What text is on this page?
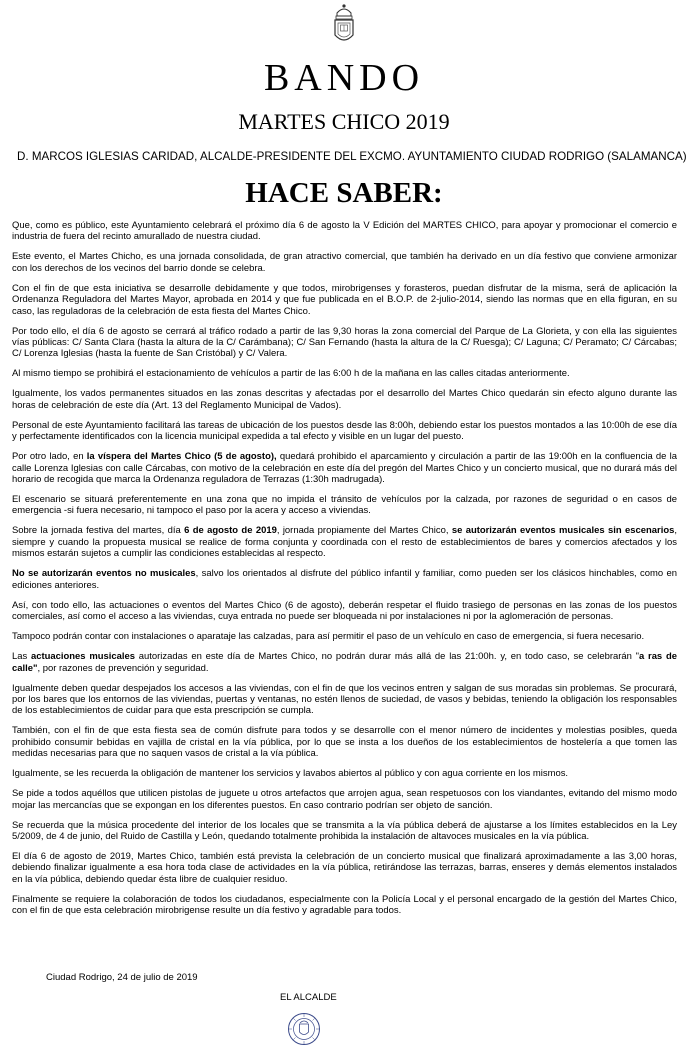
BANDO
MARTES CHICO 2019
D. MARCOS IGLESIAS CARIDAD, ALCALDE-PRESIDENTE DEL EXCMO. AYUNTAMIENTO CIUDAD RODRIGO (SALAMANCA)
HACE SABER:

Que, como es público, este Ayuntamiento celebrará el próximo día 6 de agosto la V Edición del MARTES CHICO, para apoyar y promocionar el comercio e industria de fuera del recinto amurallado de nuestra ciudad.

Este evento, el Martes Chicho, es una jornada consolidada, de gran atractivo comercial, que también ha derivado en un día festivo que conviene armonizar con los derechos de los vecinos del barrio donde se celebra.

Con el fin de que esta iniciativa se desarrolle debidamente y que todos, mirobrigenses y forasteros, puedan disfrutar de la misma, será de aplicación la Ordenanza Reguladora del Martes Mayor, aprobada en 2014 y que fue publicada en el B.O.P. de 2-julio-2014, siendo las normas que en ella figuran, en su caso, las reguladoras de la celebración de esta fiesta del Martes Chico.

Por todo ello, el día 6 de agosto se cerrará al tráfico rodado a partir de las 9,30 horas la zona comercial del Parque de La Glorieta, y con ella las siguientes vías públicas: C/ Santa Clara (hasta la altura de la C/ Carámbana); C/ San Fernando (hasta la altura de la C/ Ruesga); C/ Laguna; C/ Peramato; C/ Cárcabas; C/ Lorenza Iglesias (hasta la fuente de San Cristóbal) y C/ Valera.

Al mismo tiempo se prohibirá el estacionamiento de vehículos a partir de las 6:00 h de la mañana en las calles citadas anteriormente.

Igualmente, los vados permanentes situados en las zonas descritas y afectadas por el desarrollo del Martes Chico quedarán sin efecto alguno durante las horas de celebración de este día (Art. 13 del Reglamento Municipal de Vados).

Personal de este Ayuntamiento facilitará las tareas de ubicación de los puestos desde las 8:00h, debiendo estar los puestos montados a las 10:00h de ese día y perfectamente identificados con la licencia municipal expedida a tal efecto y visible en un lugar del puesto.

Por otro lado, en la víspera del Martes Chico (5 de agosto), quedará prohibido el aparcamiento y circulación a partir de las 19:00h en la confluencia de la calle Lorenza Iglesias con calle Cárcabas, con motivo de la celebración en este día del pregón del Martes Chico y un concierto musical, que no durará más del horario de recogida que marca la Ordenanza reguladora de Terrazas (1:30h madrugada).

El escenario se situará preferentemente en una zona que no impida el tránsito de vehículos por la calzada, por razones de seguridad o en casos de emergencia -si fuera necesario, ni tampoco el paso por la acera y acceso a viviendas.

Sobre la jornada festiva del martes, día 6 de agosto de 2019, jornada propiamente del Martes Chico, se autorizarán eventos musicales sin escenarios, siempre y cuando la propuesta musical se realice de forma conjunta y coordinada con el resto de establecimientos de bares y comercios afectados y los mismos estarán sujetos a cumplir las condiciones establecidas al respecto.

No se autorizarán eventos no musicales, salvo los orientados al disfrute del público infantil y familiar, como pueden ser los clásicos hinchables, como en ediciones anteriores.

Así, con todo ello, las actuaciones o eventos del Martes Chico (6 de agosto), deberán respetar el fluido trasiego de personas en las zonas de los puestos comerciales, así como el acceso a las viviendas, cuya entrada no puede ser bloqueada ni por instalaciones ni por la aglomeración de personas.

Tampoco podrán contar con instalaciones o aparataje las calzadas, para así permitir el paso de un vehículo en caso de emergencia, si fuera necesario.

Las actuaciones musicales autorizadas en este día de Martes Chico, no podrán durar más allá de las 21:00h. y, en todo caso, se celebrarán "a ras de calle", por razones de prevención y seguridad.

Igualmente deben quedar despejados los accesos a las viviendas, con el fin de que los vecinos entren y salgan de sus moradas sin problemas. Se procurará, por los bares que los entornos de las viviendas, puertas y ventanas, no estén llenos de suciedad, de vasos y bebidas, teniendo la obligación los responsables de los establecimientos de cuidar para que esta prescripción se cumpla.

También, con el fin de que esta fiesta sea de común disfrute para todos y se desarrolle con el menor número de incidentes y molestias posibles, queda prohibido consumir bebidas en vajilla de cristal en la vía pública, por lo que se insta a los dueños de los establecimientos de hostelería a que tomen las medidas necesarias para que no saquen vasos de cristal a la vía pública.

Igualmente, se les recuerda la obligación de mantener los servicios y lavabos abiertos al público y con agua corriente en los mismos.

Se pide a todos aquéllos que utilicen pistolas de juguete u otros artefactos que arrojen agua, sean respetuosos con los viandantes, evitando del mismo modo mojar las mercancías que se expongan en los diferentes puestos. En caso contrario podrían ser objeto de sanción.

Se recuerda que la música procedente del interior de los locales que se transmita a la vía pública deberá de ajustarse a los límites establecidos en la Ley 5/2009, de 4 de junio, del Ruido de Castilla y León, quedando totalmente prohibida la instalación de altavoces musicales en la vía pública.

El día 6 de agosto de 2019, Martes Chico, también está prevista la celebración de un concierto musical que finalizará aproximadamente a las 3,00 horas, debiendo finalizar igualmente a esa hora toda clase de actividades en la vía pública, retirándose las terrazas, barras, enseres y demás elementos instalados en la vía pública, debiendo quedar ésta libre de cualquier residuo.

Finalmente se requiere la colaboración de todos los ciudadanos, especialmente con la Policía Local y el personal encargado de la gestión del Martes Chico, con el fin de que esta celebración mirobrigense resulte un día festivo y agradable para todos.

Ciudad Rodrigo, 24 de julio de 2019
EL ALCALDE
